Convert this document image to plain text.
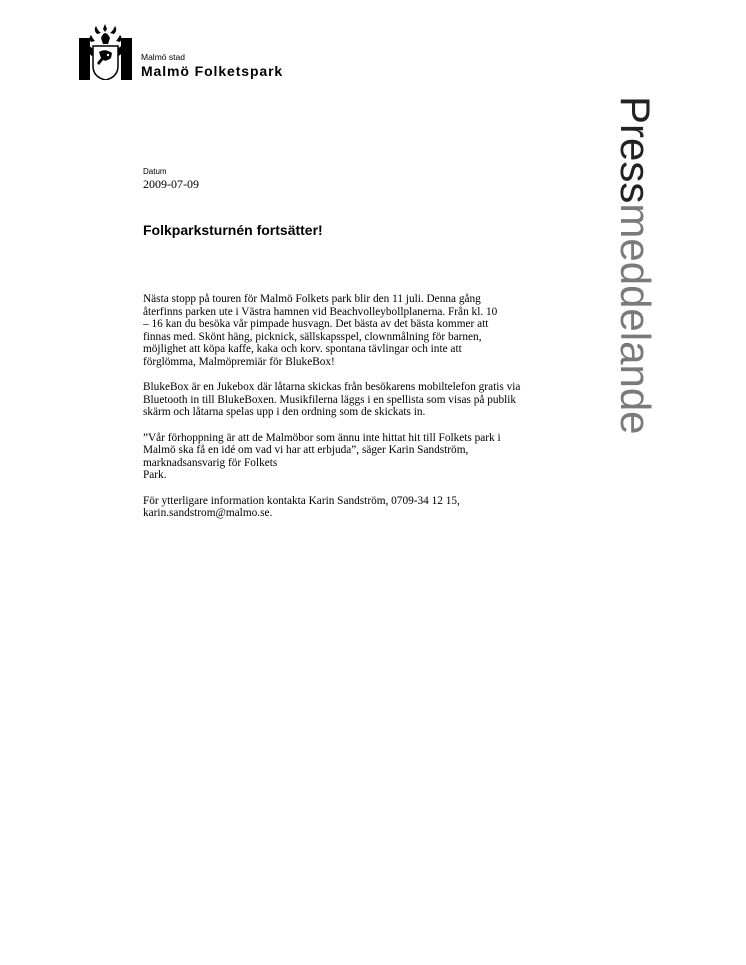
Malmö stad
Malmö Folketspark
Pressmeddelande
Datum
2009-07-09
Folkparksturnén fortsätter!

Nästa stopp på touren för Malmö Folkets park blir den 11 juli. Denna gång
återfinns parken ute i Västra hamnen vid Beachvolleybollplanerna. Från kl. 10
– 16 kan du besöka vår pimpade husvagn. Det bästa av det bästa kommer att
finnas med. Skönt häng, picknick, sällskapsspel, clownmålning för barnen,
möjlighet att köpa kaffe, kaka och korv. spontana tävlingar och inte att
förglömma, Malmöpremiär för BlukeBox!

BlukeBox är en Jukebox där låtarna skickas från besökarens mobiltelefon gratis via
Bluetooth in till BlukeBoxen. Musikfilerna läggs i en spellista som visas på publik
skärm och låtarna spelas upp i den ordning som de skickats in.

”Vår förhoppning är att de Malmöbor som ännu inte hittat hit till Folkets park i
Malmö ska få en idé om vad vi har att erbjuda”, säger Karin Sandström,
marknadsansvarig för Folkets
Park.

För ytterligare information kontakta Karin Sandström, 0709-34 12 15,
karin.sandstrom@malmo.se.
